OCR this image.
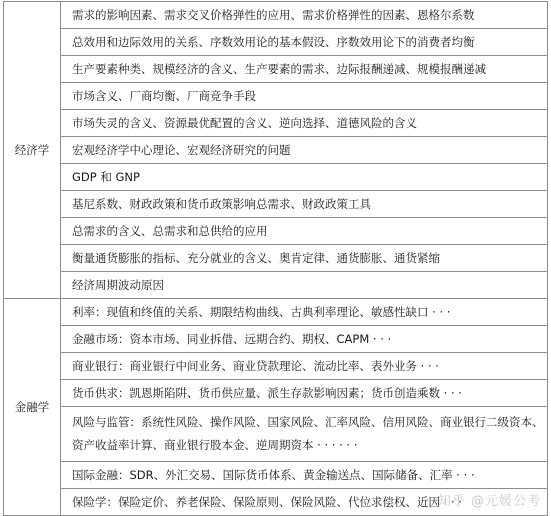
经济学	需求的影响因素、需求交叉价格弹性的应用、需求价格弹性的因素、恩格尔系数
	总效用和边际效用的关系、序数效用论的基本假设、序数效用论下的消费者均衡
	生产要素种类、规模经济的含义、生产要素的需求、边际报酬递减、规模报酬递减
	市场含义、厂商均衡、厂商竞争手段
	市场失灵的含义、资源最优配置的含义、逆向选择、道德风险的含义
	宏观经济学中心理论、宏观经济研究的问题
	GDP 和 GNP
	基尼系数、财政政策和货币政策影响总需求、财政政策工具
	总需求的含义、总需求和总供给的应用
	衡量通货膨胀的指标、充分就业的含义、奥肯定律、通货膨胀、通货紧缩
	经济周期波动原因
金融学	利率：现值和终值的关系、期限结构曲线、古典利率理论、敏感性缺口 · · ·
	金融市场：资本市场、同业拆借、远期合约、期权、CAPM · · ·
	商业银行：商业银行中间业务、商业贷款理论、流动比率、表外业务 · · ·
	货币供求：凯恩斯陷阱、货币供应量、派生存款影响因素；货币创造乘数 · · ·
	风险与监管：系统性风险、操作风险、国家风险、汇率风险、信用风险、商业银行二级资本、资产收益率计算、商业银行股本金、逆周期资本 · · · · · ·
	国际金融：SDR、外汇交易、国际货币体系、黄金输送点、国际储备、汇率 · · ·
	保险学：保险定价、养老保险、保险原则、保险风险、代位求偿权、近因 · · ·
知乎 @元媛公考
